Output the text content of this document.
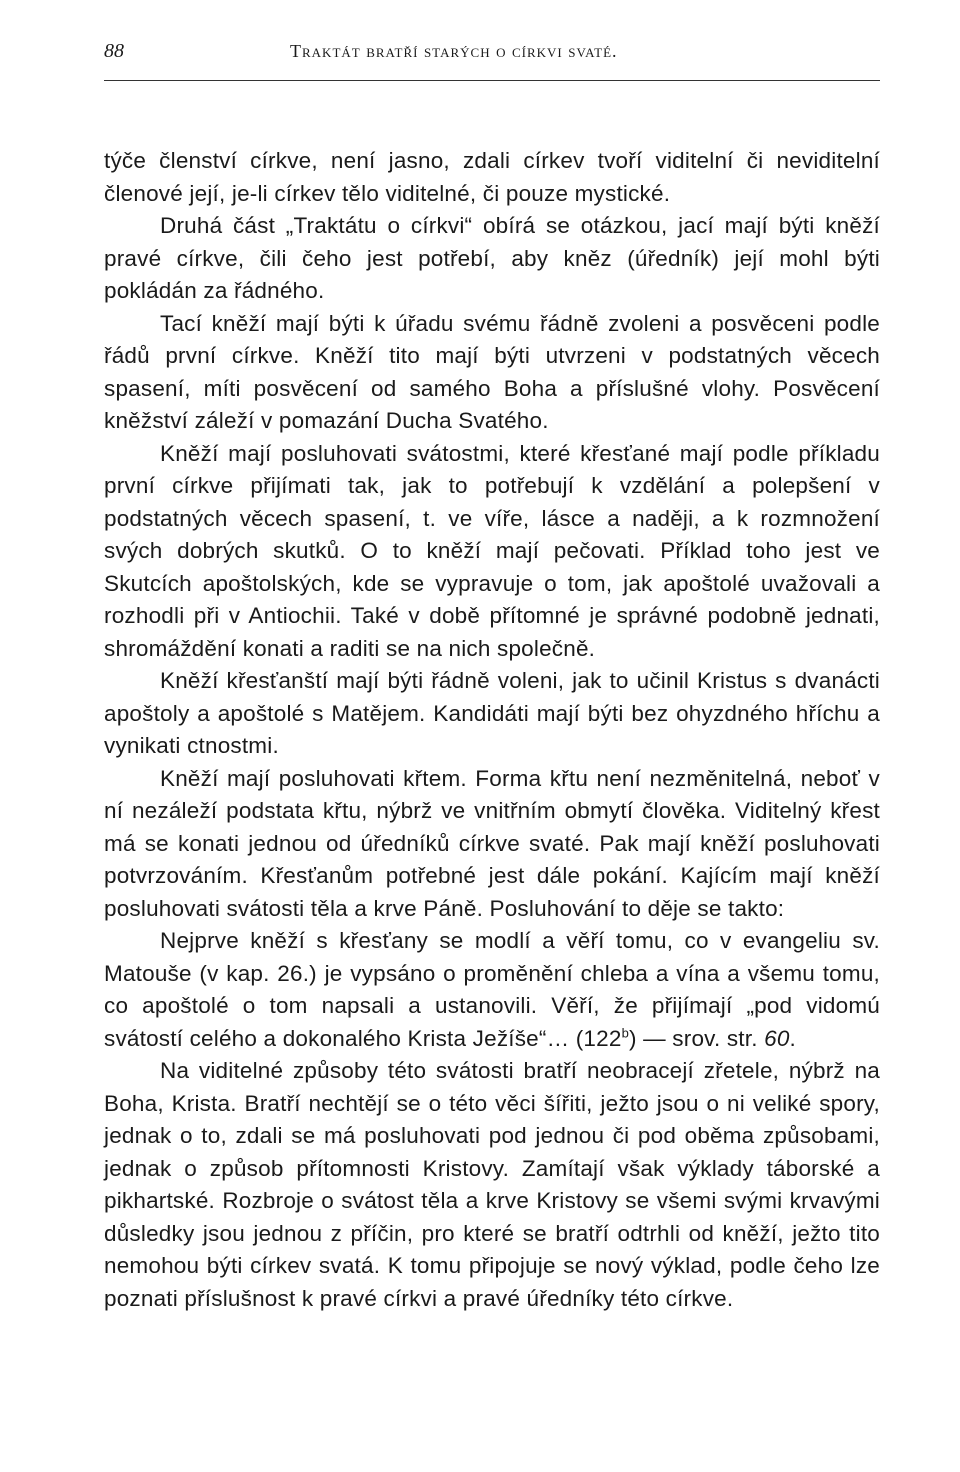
88	Traktát bratří starých o církvi svaté.

týče členství církve, není jasno, zdali církev tvoří viditelní či neviditelní členové její, je-li církev tělo viditelné, či pouze mystické.

Druhá část „Traktátu o církvi“ obírá se otázkou, jací mají býti kněží pravé církve, čili čeho jest potřebí, aby kněz (úředník) její mohl býti pokládán za řádného.

Tací kněží mají býti k úřadu svému řádně zvoleni a posvěceni podle řádů první církve. Kněží tito mají býti utvrzeni v podstatných věcech spasení, míti posvěcení od samého Boha a příslušné vlohy. Posvěcení kněžství záleží v pomazání Ducha Svatého.

Kněží mají posluhovati svátostmi, které křesťané mají podle příkladu první církve přijímati tak, jak to potřebují k vzdělání a polepšení v podstatných věcech spasení, t. ve víře, lásce a naději, a k rozmnožení svých dobrých skutků. O to kněží mají pečovati. Příklad toho jest ve Skutcích apoštolských, kde se vypravuje o tom, jak apoštolé uvažovali a rozhodli při v Antiochii. Také v době přítomné je správné podobně jednati, shromáždění konati a raditi se na nich společně.

Kněží křesťanští mají býti řádně voleni, jak to učinil Kristus s dvanácti apoštoly a apoštolé s Matějem. Kandidáti mají býti bez ohyzdného hříchu a vynikati ctnostmi.

Kněží mají posluhovati křtem. Forma křtu není nezměnitelná, neboť v ní nezáleží podstata křtu, nýbrž ve vnitřním obmytí člověka. Viditelný křest má se konati jednou od úředníků církve svaté. Pak mají kněží posluhovati potvrzováním. Křesťanům potřebné jest dále pokání. Kajícím mají kněží posluhovati svátosti těla a krve Páně. Posluhování to děje se takto:

Nejprve kněží s křesťany se modlí a věří tomu, co v evangeliu sv. Matouše (v kap. 26.) je vypsáno o proměnění chleba a vína a všemu tomu, co apoštolé o tom napsali a ustanovili. Věří, že přijímají „pod vidomú svátostí celého a dokonalého Krista Ježíše“… (122$^b$) — srov. str. 60.

Na viditelné způsoby této svátosti bratří neobracejí zřetele, nýbrž na Boha, Krista. Bratří nechtějí se o této věci šířiti, ježto jsou o ni veliké spory, jednak o to, zdali se má posluhovati pod jednou či pod oběma způsobami, jednak o způsob přítomnosti Kristovy. Zamítají však výklady táborské a pikhartské. Rozbroje o svátost těla a krve Kristovy se všemi svými krvavými důsledky jsou jednou z příčin, pro které se bratří odtrhli od kněží, ježto tito nemohou býti církev svatá. K tomu připojuje se nový výklad, podle čeho lze poznati příslušnost k pravé církvi a pravé úředníky této církve.
